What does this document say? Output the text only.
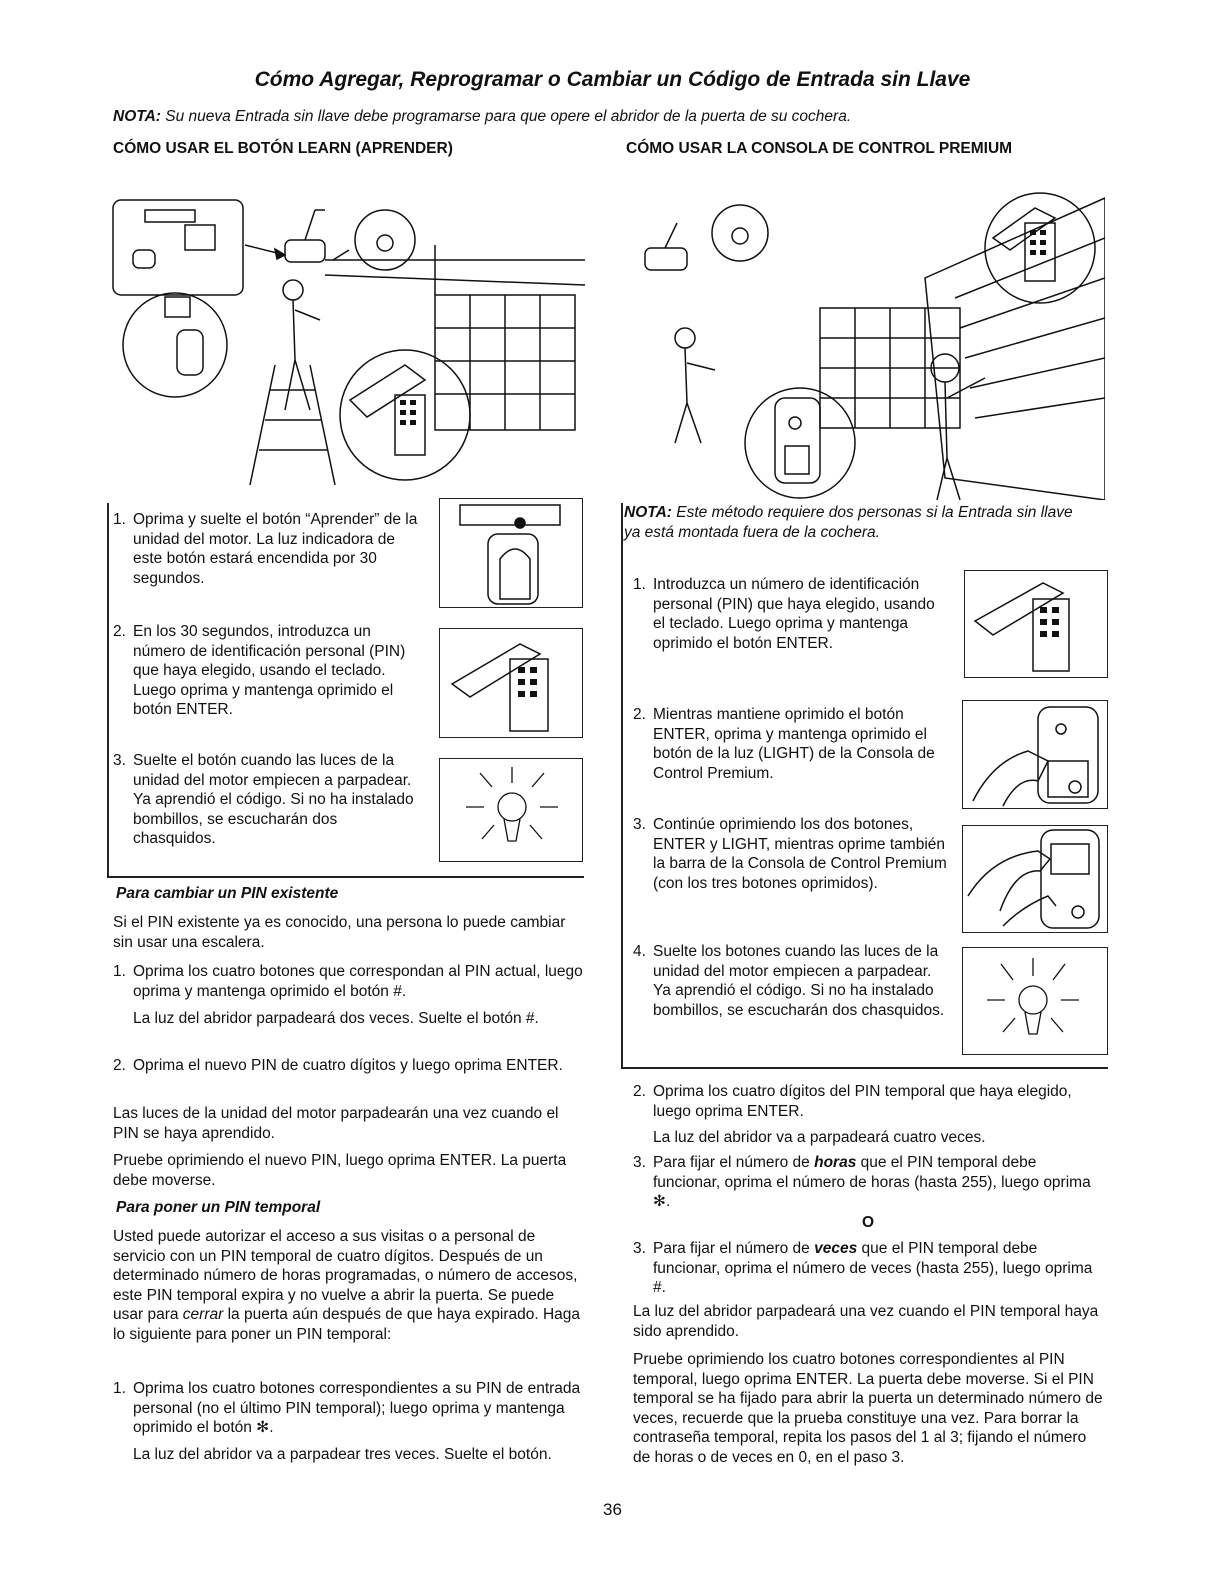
Cómo Agregar, Reprogramar o Cambiar un Código de Entrada sin Llave
NOTA: Su nueva Entrada sin llave debe programarse para que opere el abridor de la puerta de su cochera.
CÓMO USAR EL BOTÓN LEARN (APRENDER)	CÓMO USAR LA CONSOLA DE CONTROL PREMIUM
1. Oprima y suelte el botón “Aprender” de la unidad del motor. La luz indicadora de este botón estará encendida por 30 segundos.
2. En los 30 segundos, introduzca un número de identificación personal (PIN) que haya elegido, usando el teclado. Luego oprima y mantenga oprimido el botón ENTER.
3. Suelte el botón cuando las luces de la unidad del motor empiecen a parpadear. Ya aprendió el código. Si no ha instalado bombillos, se escucharán dos chasquidos.
Para cambiar un PIN existente
Si el PIN existente ya es conocido, una persona lo puede cambiar sin usar una escalera.
1. Oprima los cuatro botones que correspondan al PIN actual, luego oprima y mantenga oprimido el botón #.
La luz del abridor parpadeará dos veces. Suelte el botón #.
2. Oprima el nuevo PIN de cuatro dígitos y luego oprima ENTER.
Las luces de la unidad del motor parpadearán una vez cuando el PIN se haya aprendido.
Pruebe oprimiendo el nuevo PIN, luego oprima ENTER. La puerta debe moverse.
Para poner un PIN temporal
Usted puede autorizar el acceso a sus visitas o a personal de servicio con un PIN temporal de cuatro dígitos. Después de un determinado número de horas programadas, o número de accesos, este PIN temporal expira y no vuelve a abrir la puerta. Se puede usar para cerrar la puerta aún después de que haya expirado. Haga lo siguiente para poner un PIN temporal:
1. Oprima los cuatro botones correspondientes a su PIN de entrada personal (no el último PIN temporal); luego oprima y mantenga oprimido el botón ✻.
La luz del abridor va a parpadear tres veces. Suelte el botón.
NOTA: Este método requiere dos personas si la Entrada sin llave ya está montada fuera de la cochera.
1. Introduzca un número de identificación personal (PIN) que haya elegido, usando el teclado. Luego oprima y mantenga oprimido el botón ENTER.
2. Mientras mantiene oprimido el botón ENTER, oprima y mantenga oprimido el botón de la luz (LIGHT) de la Consola de Control Premium.
3. Continúe oprimiendo los dos botones, ENTER y LIGHT, mientras oprime también la barra de la Consola de Control Premium (con los tres botones oprimidos).
4. Suelte los botones cuando las luces de la unidad del motor empiecen a parpadear. Ya aprendió el código. Si no ha instalado bombillos, se escucharán dos chasquidos.
2. Oprima los cuatro dígitos del PIN temporal que haya elegido, luego oprima ENTER.
La luz del abridor va a parpadeará cuatro veces.
3. Para fijar el número de horas que el PIN temporal debe funcionar, oprima el número de horas (hasta 255), luego oprima ✻.
O
3. Para fijar el número de veces que el PIN temporal debe funcionar, oprima el número de veces (hasta 255), luego oprima #.
La luz del abridor parpadeará una vez cuando el PIN temporal haya sido aprendido.
Pruebe oprimiendo los cuatro botones correspondientes al PIN temporal, luego oprima ENTER. La puerta debe moverse. Si el PIN temporal se ha fijado para abrir la puerta un determinado número de veces, recuerde que la prueba constituye una vez. Para borrar la contraseña temporal, repita los pasos del 1 al 3; fijando el número de horas o de veces en 0, en el paso 3.
36
